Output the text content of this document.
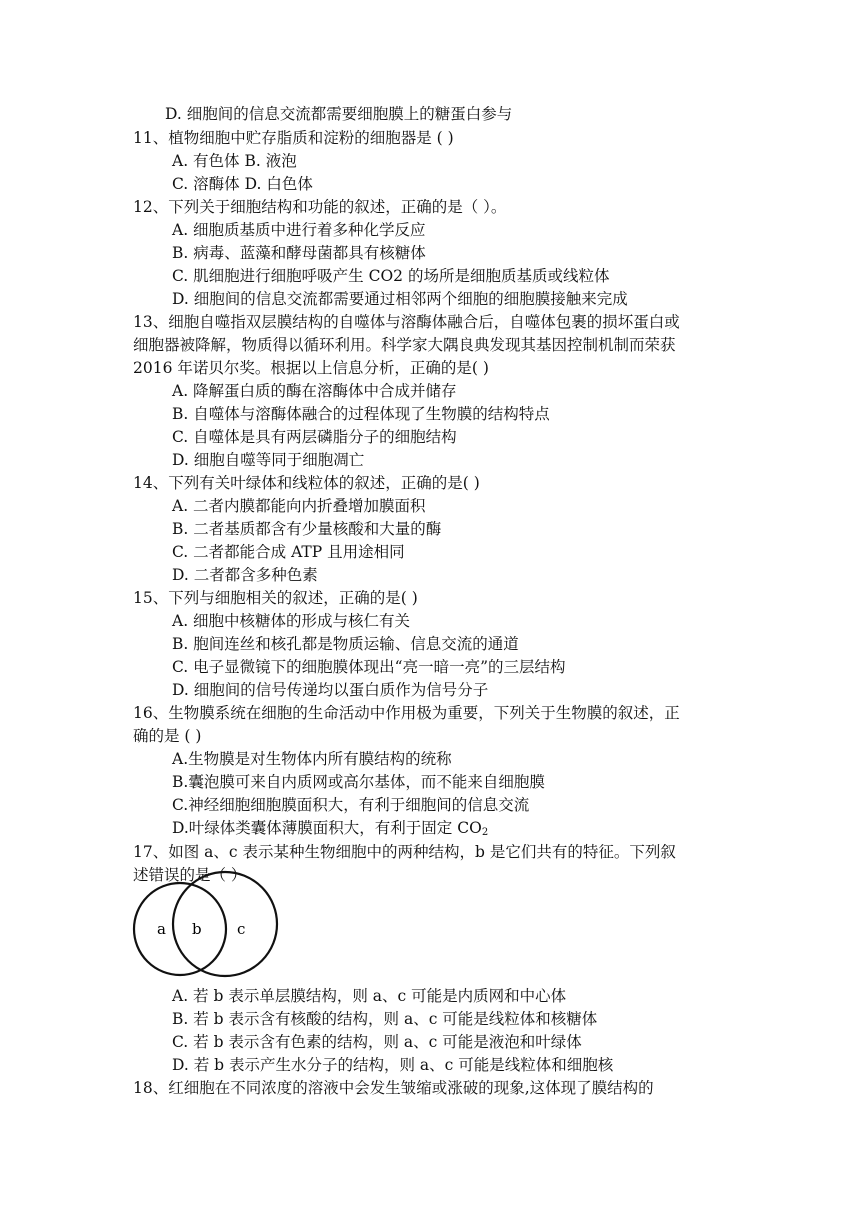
D. 细胞间的信息交流都需要细胞膜上的糖蛋白参与
11、植物细胞中贮存脂质和淀粉的细胞器是 ( )
A. 有色体 B. 液泡
C. 溶酶体 D. 白色体
12、下列关于细胞结构和功能的叙述，正确的是（ ）。
A. 细胞质基质中进行着多种化学反应
B. 病毒、蓝藻和酵母菌都具有核糖体
C. 肌细胞进行细胞呼吸产生 CO2 的场所是细胞质基质或线粒体
D. 细胞间的信息交流都需要通过相邻两个细胞的细胞膜接触来完成
13、细胞自噬指双层膜结构的自噬体与溶酶体融合后，自噬体包裹的损坏蛋白或
细胞器被降解，物质得以循环利用。科学家大隅良典发现其基因控制机制而荣获
2016 年诺贝尔奖。根据以上信息分析，正确的是( )
A. 降解蛋白质的酶在溶酶体中合成并储存
B. 自噬体与溶酶体融合的过程体现了生物膜的结构特点
C. 自噬体是具有两层磷脂分子的细胞结构
D. 细胞自噬等同于细胞凋亡
14、下列有关叶绿体和线粒体的叙述，正确的是( )
A. 二者内膜都能向内折叠增加膜面积
B. 二者基质都含有少量核酸和大量的酶
C. 二者都能合成 ATP 且用途相同
D. 二者都含多种色素
15、下列与细胞相关的叙述，正确的是( )
A. 细胞中核糖体的形成与核仁有关
B. 胞间连丝和核孔都是物质运输、信息交流的通道
C. 电子显微镜下的细胞膜体现出“亮一暗一亮”的三层结构
D. 细胞间的信号传递均以蛋白质作为信号分子
16、生物膜系统在细胞的生命活动中作用极为重要，下列关于生物膜的叙述，正
确的是 ( )
A.生物膜是对生物体内所有膜结构的统称
B.囊泡膜可来自内质网或高尔基体，而不能来自细胞膜
C.神经细胞细胞膜面积大，有利于细胞间的信息交流
D.叶绿体类囊体薄膜面积大，有利于固定 $CO_2$
17、如图 a、c 表示某种生物细胞中的两种结构，b 是它们共有的特征。下列叙
述错误的是（ ）
a b c
A. 若 b 表示单层膜结构，则 a、c 可能是内质网和中心体
B. 若 b 表示含有核酸的结构，则 a、c 可能是线粒体和核糖体
C. 若 b 表示含有色素的结构，则 a、c 可能是液泡和叶绿体
D. 若 b 表示产生水分子的结构，则 a、c 可能是线粒体和细胞核
18、红细胞在不同浓度的溶液中会发生皱缩或涨破的现象,这体现了膜结构的
